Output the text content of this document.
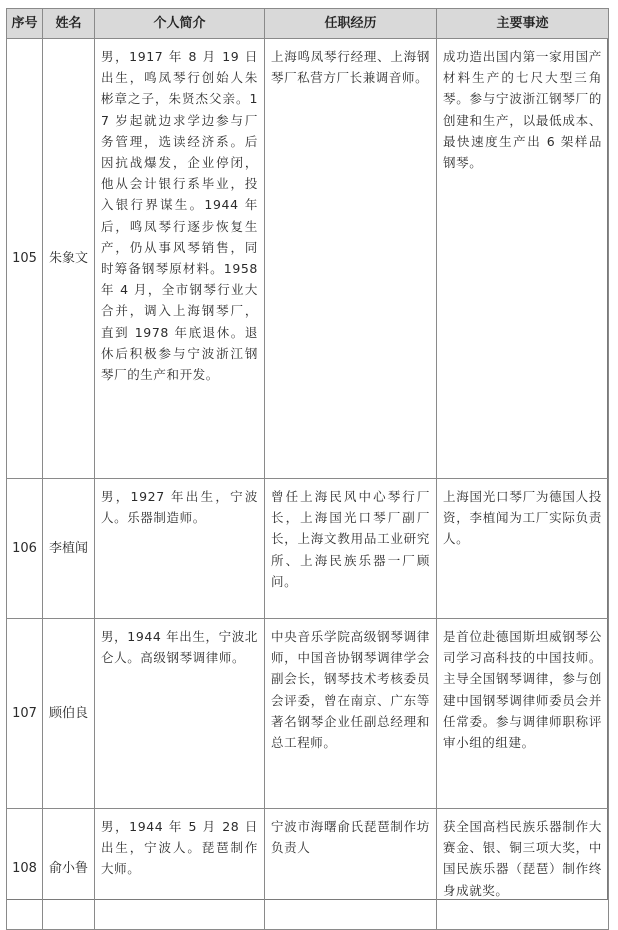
序号	姓名	个人简介	任职经历	主要事迹
105	朱象文	男，1917 年 8 月 19 日出生，鸣凤琴行创始人朱彬章之子，朱贤杰父亲。17 岁起就边求学边参与厂务管理，选读经济系。后因抗战爆发，企业停闭，他从会计银行系毕业，投入银行界谋生。1944 年后，鸣凤琴行逐步恢复生产，仍从事风琴销售，同时筹备钢琴原材料。1958 年 4 月，全市钢琴行业大合并，调入上海钢琴厂，直到 1978 年底退休。退休后积极参与宁波浙江钢琴厂的生产和开发。	上海鸣凤琴行经理、上海钢琴厂私营方厂长兼调音师。	成功造出国内第一家用国产材料生产的七尺大型三角琴。参与宁波浙江钢琴厂的创建和生产，以最低成本、最快速度生产出 6 架样品钢琴。
106	李植闻	男，1927 年出生，宁波人。乐器制造师。	曾任上海民风中心琴行厂长，上海国光口琴厂副厂长，上海文教用品工业研究所、上海民族乐器一厂顾问。	上海国光口琴厂为德国人投资，李植闻为工厂实际负责人。
107	顾伯良	男，1944 年出生，宁波北仑人。高级钢琴调律师。	中央音乐学院高级钢琴调律师，中国音协钢琴调律学会副会长，钢琴技术考核委员会评委，曾在南京、广东等著名钢琴企业任副总经理和总工程师。	是首位赴德国斯坦威钢琴公司学习高科技的中国技师。主导全国钢琴调律，参与创建中国钢琴调律师委员会并任常委。参与调律师职称评审小组的组建。
108	俞小鲁	男，1944 年 5 月 28 日出生，宁波人。琵琶制作大师。	宁波市海曙俞氏琵琶制作坊负责人	获全国高档民族乐器制作大赛金、银、铜三项大奖，中国民族乐器（琵琶）制作终身成就奖。
